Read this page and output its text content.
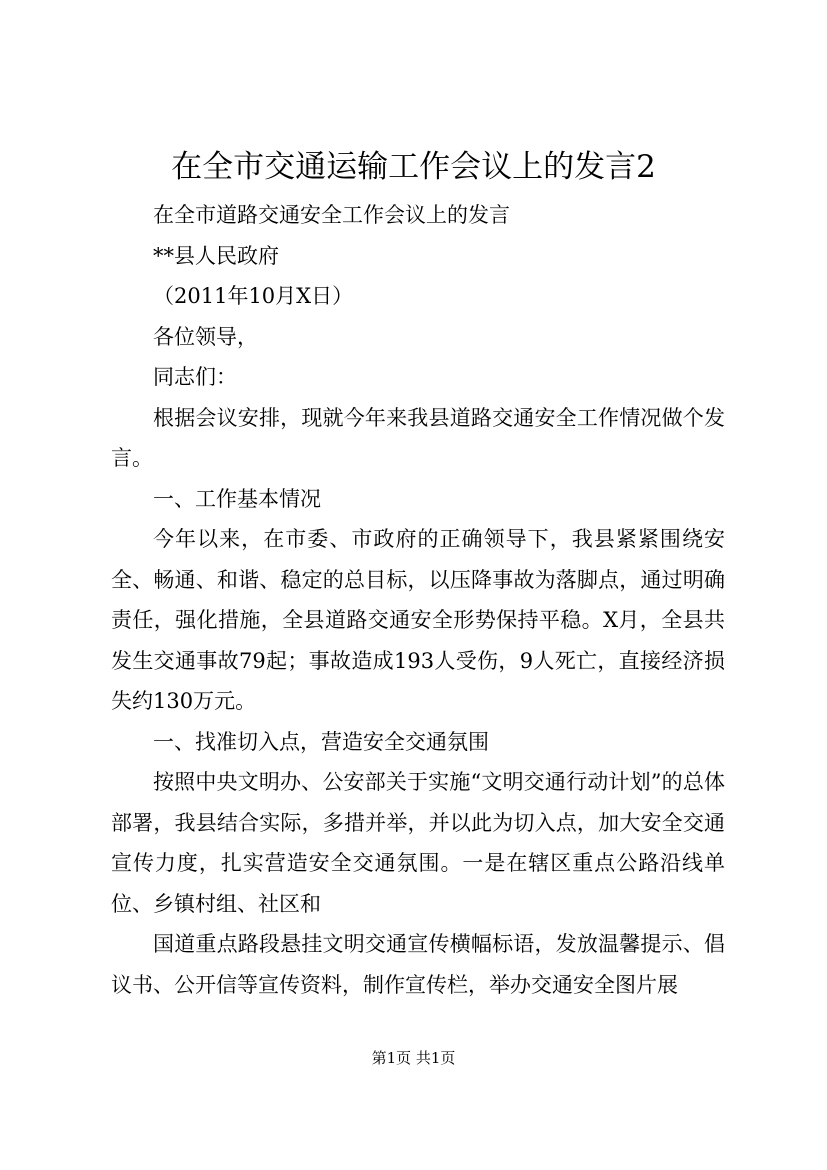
在全市交通运输工作会议上的发言2

在全市道路交通安全工作会议上的发言

**县人民政府

（2011年10月X日）

各位领导，

同志们：

根据会议安排，现就今年来我县道路交通安全工作情况做个发言。

一、工作基本情况

今年以来，在市委、市政府的正确领导下，我县紧紧围绕安全、畅通、和谐、稳定的总目标，以压降事故为落脚点，通过明确责任，强化措施，全县道路交通安全形势保持平稳。X月，全县共发生交通事故79起；事故造成193人受伤，9人死亡，直接经济损失约130万元。

一、找准切入点，营造安全交通氛围

按照中央文明办、公安部关于实施“文明交通行动计划”的总体部署，我县结合实际，多措并举，并以此为切入点，加大安全交通宣传力度，扎实营造安全交通氛围。一是在辖区重点公路沿线单位、乡镇村组、社区和

国道重点路段悬挂文明交通宣传横幅标语，发放温馨提示、倡议书、公开信等宣传资料，制作宣传栏，举办交通安全图片展

第1页 共1页
